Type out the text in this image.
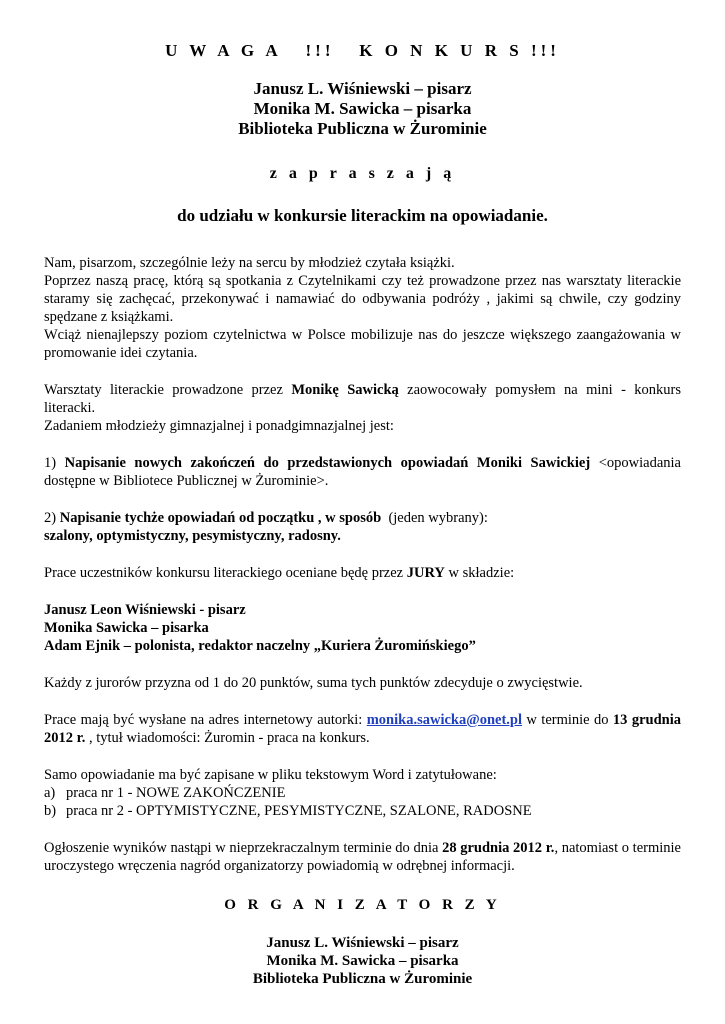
U W A G A   !!!   K O N K U R S !!!
Janusz L. Wiśniewski – pisarz
Monika M. Sawicka – pisarka
Biblioteka Publiczna w Żurominie
z a p r a s z a j ą
do udziału w konkursie literackim na opowiadanie.

Nam, pisarzom, szczególnie leży na sercu by młodzież czytała książki.

Poprzez naszą pracę, którą są spotkania z Czytelnikami czy też prowadzone przez nas warsztaty literackie staramy się zachęcać, przekonywać i namawiać do odbywania podróży , jakimi są chwile, czy godziny spędzane z książkami.

Wciąż nienajlepszy poziom czytelnictwa w Polsce mobilizuje nas do jeszcze większego zaangażowania w promowanie idei czytania.

Warsztaty literackie prowadzone przez Monikę Sawicką zaowocowały pomysłem na mini - konkurs literacki.

Zadaniem młodzieży gimnazjalnej i ponadgimnazjalnej jest:

1) Napisanie nowych zakończeń do przedstawionych opowiadań Moniki Sawickiej <opowiadania dostępne w Bibliotece Publicznej w Żurominie>.

2) Napisanie tychże opowiadań od początku , w sposób  (jeden wybrany):

szalony, optymistyczny, pesymistyczny, radosny.

Prace uczestników konkursu literackiego oceniane będę przez JURY w składzie:

Janusz Leon Wiśniewski - pisarz

Monika Sawicka – pisarka

Adam Ejnik – polonista, redaktor naczelny „Kuriera Żuromińskiego”

Każdy z jurorów przyzna od 1 do 20 punktów, suma tych punktów zdecyduje o zwycięstwie.

Prace mają być wysłane na adres internetowy autorki: monika.sawicka@onet.pl w terminie do 13 grudnia 2012 r. , tytuł wiadomości: Żuromin - praca na konkurs.

Samo opowiadanie ma być zapisane w pliku tekstowym Word i zatytułowane:

a) praca nr 1 - NOWE ZAKOŃCZENIE
b) praca nr 2 - OPTYMISTYCZNE, PESYMISTYCZNE, SZALONE, RADOSNE

Ogłoszenie wyników nastąpi w nieprzekraczalnym terminie do dnia 28 grudnia 2012 r., natomiast o terminie uroczystego wręczenia nagród organizatorzy powiadomią w odrębnej informacji.

O R G A N I Z A T O R Z Y
Janusz L. Wiśniewski – pisarz
Monika M. Sawicka – pisarka
Biblioteka Publiczna w Żurominie
